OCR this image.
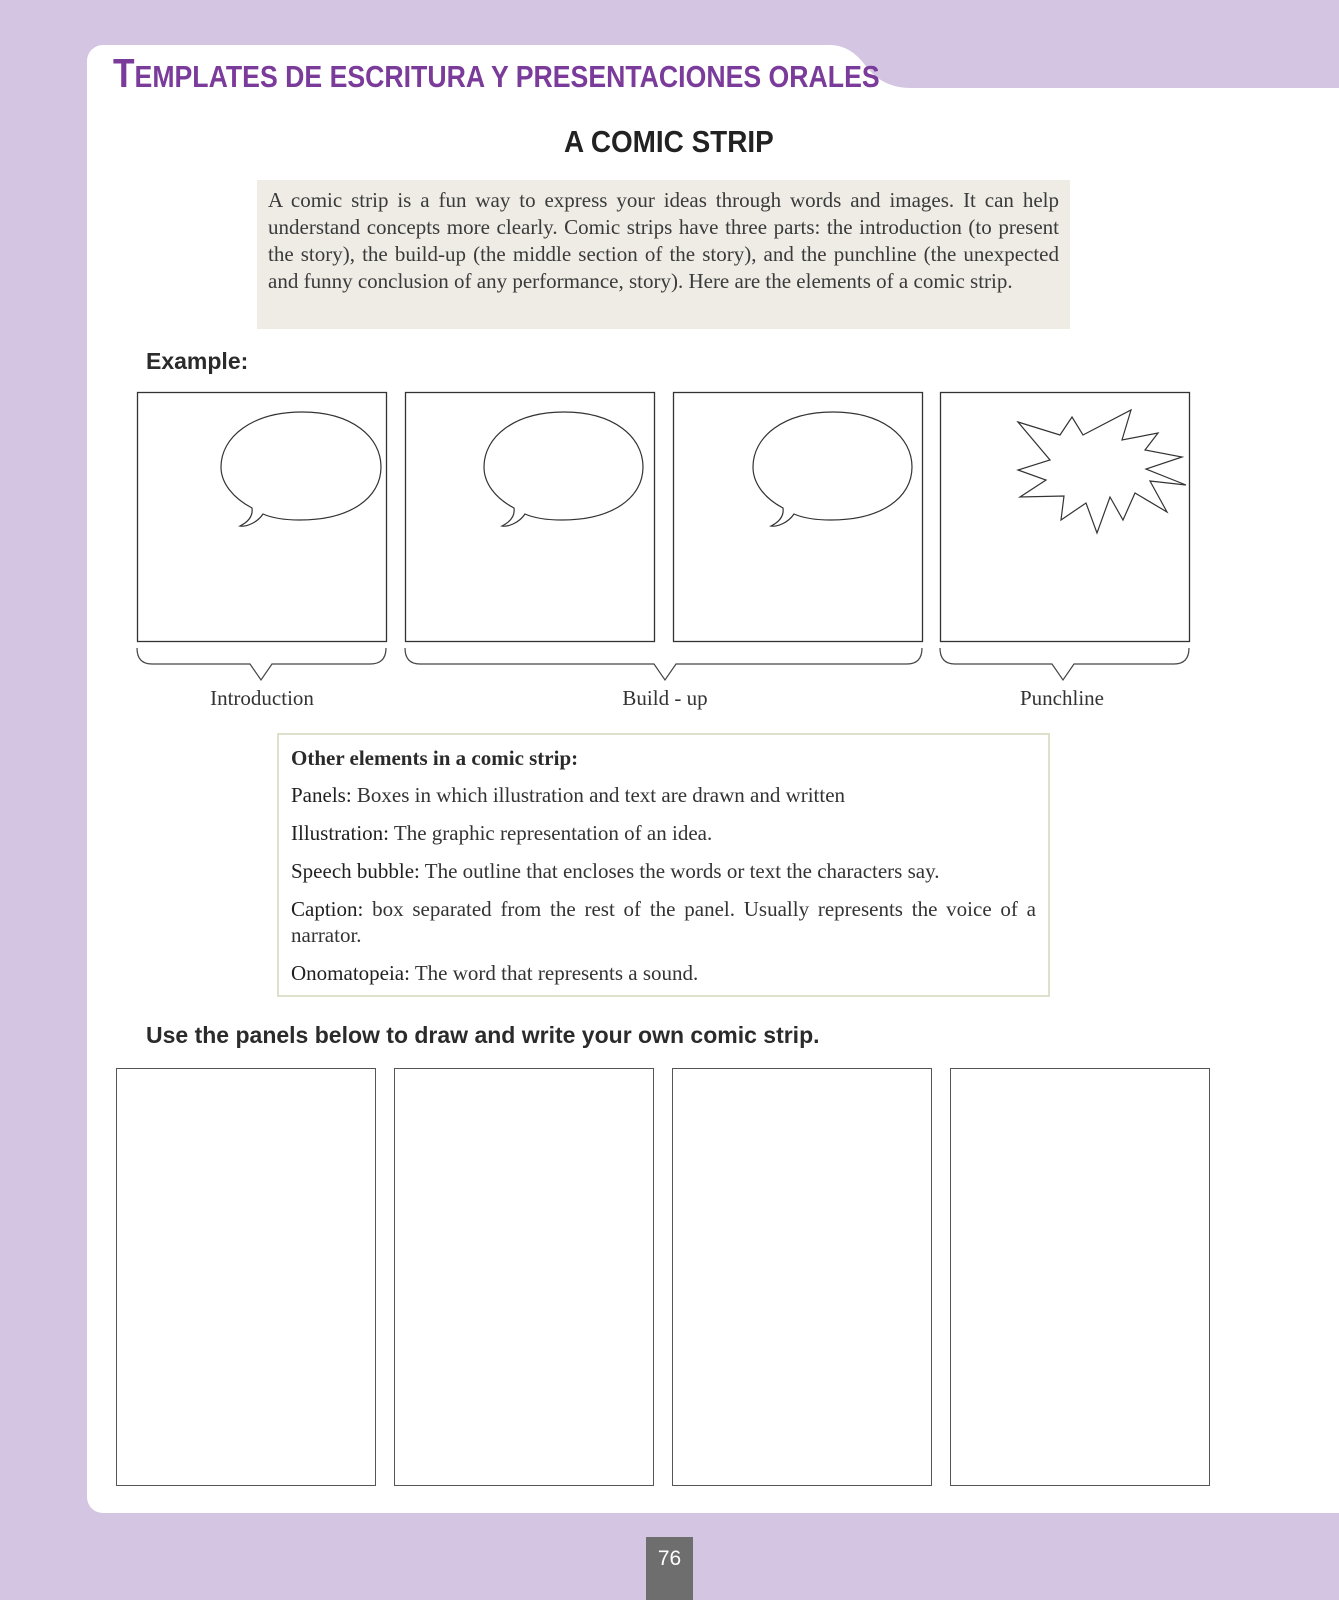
TEMPLATES DE ESCRITURA Y PRESENTACIONES ORALES
A COMIC STRIP
A comic strip is a fun way to express your ideas through words and images. It can help understand concepts more clearly. Comic strips have three parts: the introduction (to present the story), the build-up (the middle section of the story), and the punchline (the unexpected and funny conclusion of any performance, story). Here are the elements of a comic strip.

Example:

Introduction	Build - up	Punchline

Other elements in a comic strip:

Panels: Boxes in which illustration and text are drawn and written

Illustration: The graphic representation of an idea.

Speech bubble: The outline that encloses the words or text the characters say.

Caption: box separated from the rest of the panel. Usually represents the voice of a narrator.

Onomatopeia: The word that represents a sound.

Use the panels below to draw and write your own comic strip.

76
